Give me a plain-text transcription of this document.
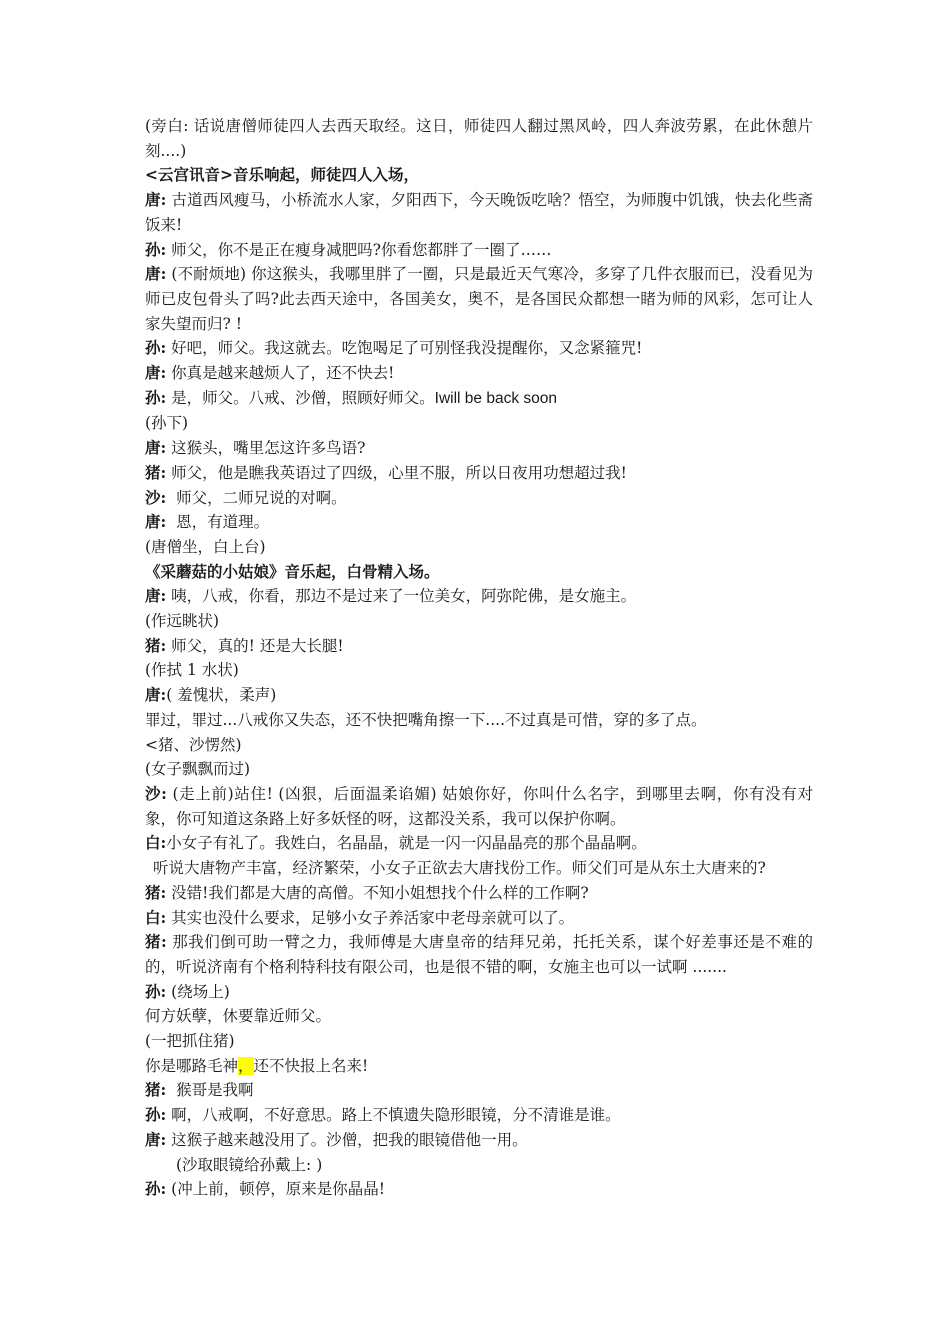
(旁白: 话说唐僧师徒四人去西天取经。这日，师徒四人翻过黑风岭，四人奔波劳累，在此休憩片刻....)
<云宫讯音>音乐响起，师徒四人入场，
唐: 古道西风瘦马，小桥流水人家，夕阳西下，今天晚饭吃啥？悟空，为师腹中饥饿，快去化些斋饭来!
孙: 师父，你不是正在瘦身减肥吗?你看您都胖了一圈了……
唐: (不耐烦地) 你这猴头，我哪里胖了一圈，只是最近天气寒冷，多穿了几件衣服而已，没看见为师已皮包骨头了吗?此去西天途中，各国美女，奥不，是各国民众都想一睹为师的风彩，怎可让人家失望而归? !
孙: 好吧，师父。我这就去。吃饱喝足了可别怪我没提醒你，又念紧箍咒!
唐: 你真是越来越烦人了，还不快去!
孙: 是，师父。八戒、沙僧，照顾好师父。Iwill be back soon
(孙下)
唐: 这猴头，嘴里怎这许多鸟语?
猪: 师父，他是瞧我英语过了四级，心里不服，所以日夜用功想超过我!
沙:  师父，二师兄说的对啊。
唐:  恩，有道理。
(唐僧坐，白上台)
《采蘑菇的小姑娘》音乐起，白骨精入场。
唐: 咦，八戒，你看，那边不是过来了一位美女，阿弥陀佛，是女施主。
(作远眺状)
猪: 师父，真的! 还是大长腿!
(作拭 1 水状)
唐:( 羞愧状，柔声)
罪过，罪过...八戒你又失态，还不快把嘴角擦一下....不过真是可惜，穿的多了点。
<猪、沙愣然)
(女子飘飘而过)
沙: (走上前)站住! (凶狠，后面温柔谄媚) 姑娘你好，你叫什么名字，到哪里去啊，你有没有对象，你可知道这条路上好多妖怪的呀，这都没关系，我可以保护你啊。
白:小女子有礼了。我姓白，名晶晶，就是一闪一闪晶晶亮的那个晶晶啊。
听说大唐物产丰富，经济繁荣，小女子正欲去大唐找份工作。师父们可是从东土大唐来的?
猪: 没错!我们都是大唐的高僧。不知小姐想找个什么样的工作啊?
白: 其实也没什么要求，足够小女子养活家中老母亲就可以了。
猪: 那我们倒可助一臂之力，我师傅是大唐皇帝的结拜兄弟，托托关系，谋个好差事还是不难的的，听说济南有个格利特科技有限公司，也是很不错的啊，女施主也可以一试啊 .......
孙: (绕场上)
何方妖孽，休要靠近师父。
(一把抓住猪)
你是哪路毛神，还不快报上名来!
猪:  猴哥是我啊
孙: 啊，八戒啊，不好意思。路上不慎遗失隐形眼镜，分不清谁是谁。
唐: 这猴子越来越没用了。沙僧，把我的眼镜借他一用。
(沙取眼镜给孙戴上: )
孙: (冲上前，顿停，原来是你晶晶!
